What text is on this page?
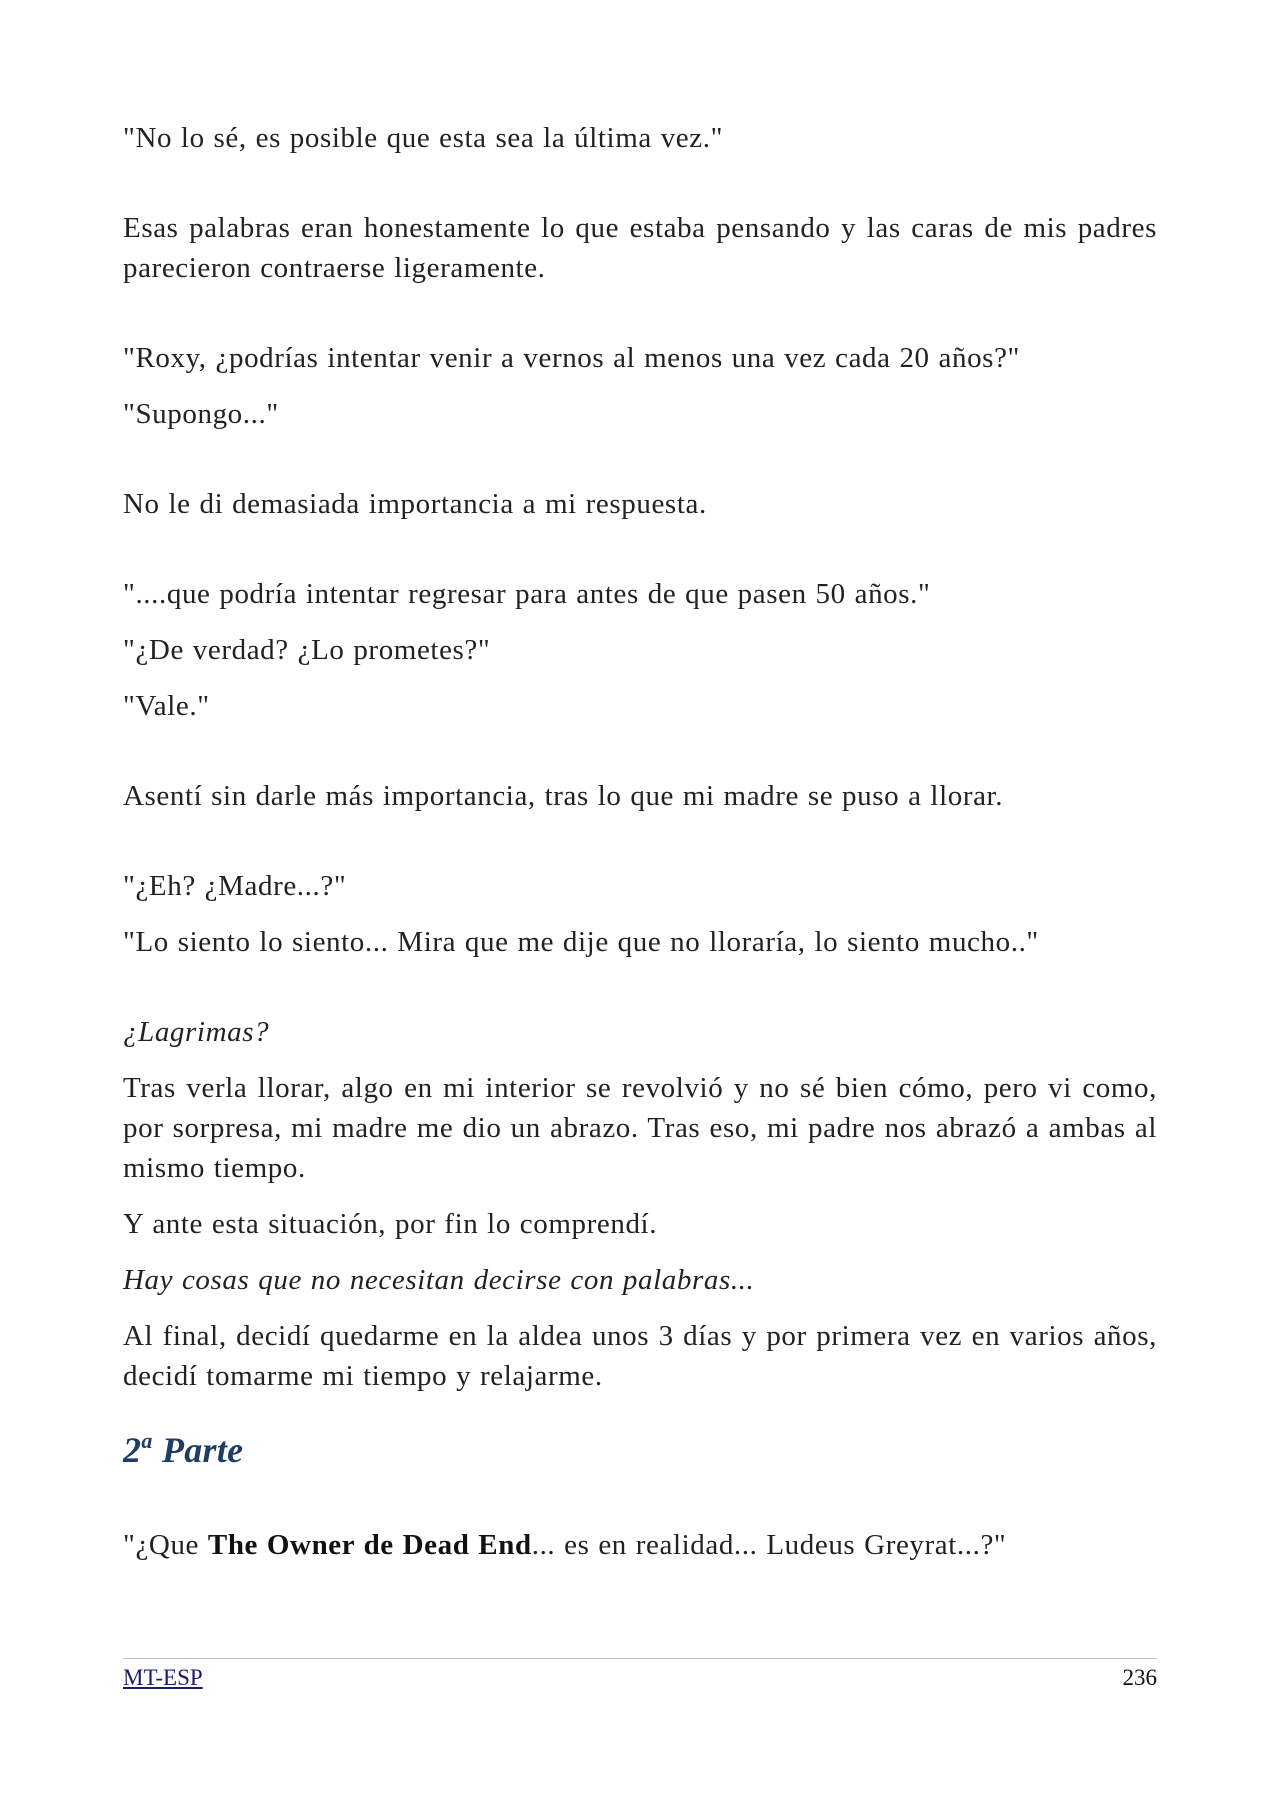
"No lo sé, es posible que esta sea la última vez."

Esas palabras eran honestamente lo que estaba pensando y las caras de mis padres parecieron contraerse ligeramente.

"Roxy, ¿podrías intentar venir a vernos al menos una vez cada 20 años?"

"Supongo..."

No le di demasiada importancia a mi respuesta.

"....que podría intentar regresar para antes de que pasen 50 años."

"¿De verdad? ¿Lo prometes?"

"Vale."

Asentí sin darle más importancia, tras lo que mi madre se puso a llorar.

"¿Eh? ¿Madre...?"

"Lo siento lo siento... Mira que me dije que no lloraría, lo siento mucho.."

¿Lagrimas?

Tras verla llorar, algo en mi interior se revolvió y no sé bien cómo, pero vi como, por sorpresa, mi madre me dio un abrazo. Tras eso, mi padre nos abrazó a ambas al mismo tiempo.

Y ante esta situación, por fin lo comprendí.

Hay cosas que no necesitan decirse con palabras...

Al final, decidí quedarme en la aldea unos 3 días y por primera vez en varios años, decidí tomarme mi tiempo y relajarme.

2$^a$ Parte

"¿Que The Owner de Dead End... es en realidad... Ludeus Greyrat...?"

MT-ESP	236
